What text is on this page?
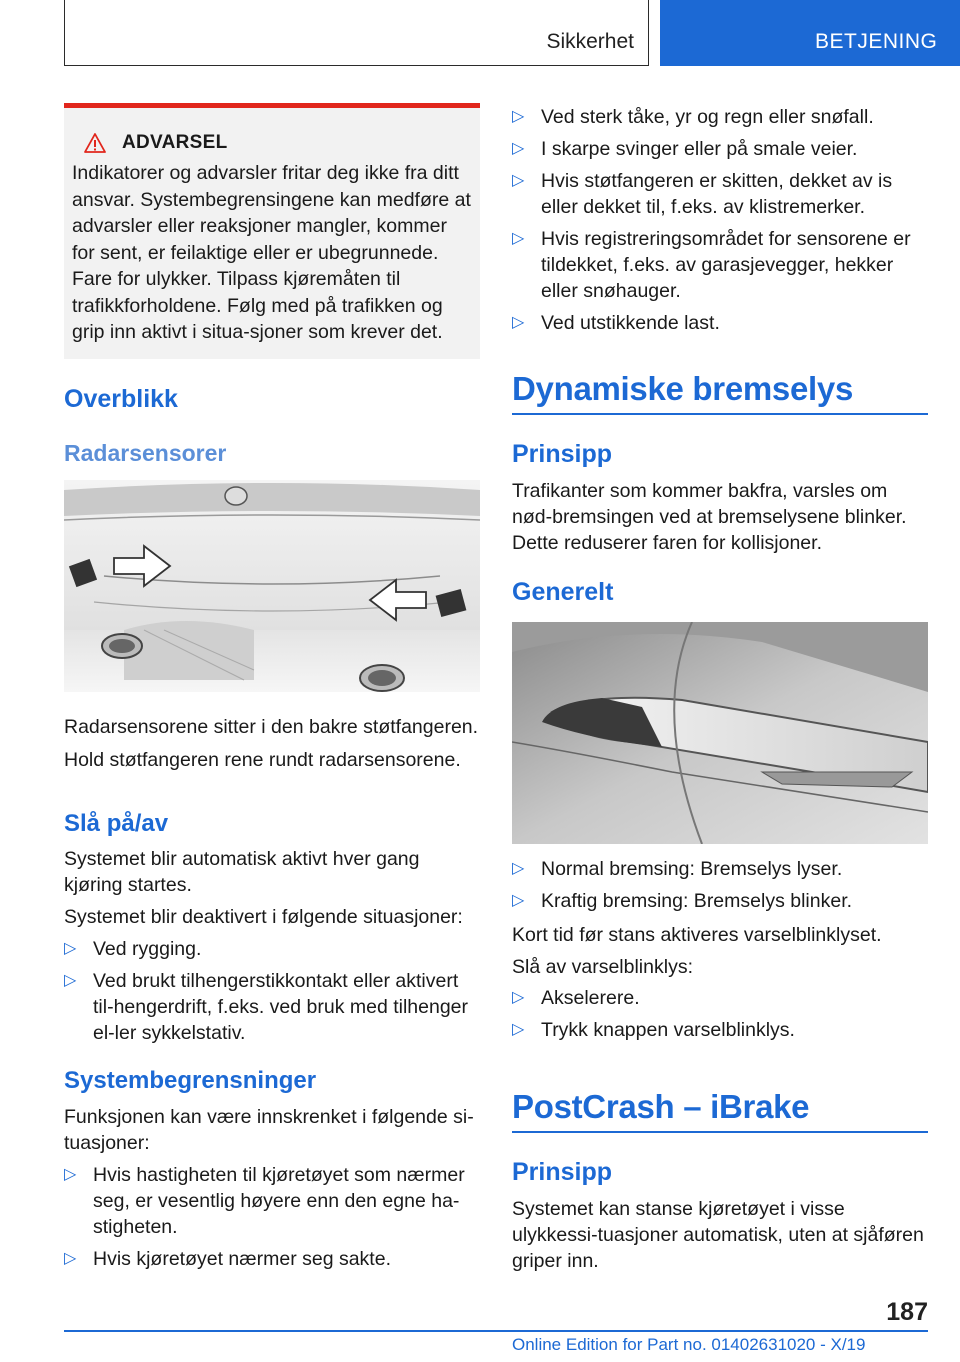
Sikkerhet	BETJENING
ADVARSEL

Indikatorer og advarsler fritar deg ikke fra ditt ansvar. Systembegrensingene kan medføre at advarsler eller reaksjoner mangler, kommer for sent, er feilaktige eller er ubegrunnede. Fare for ulykker. Tilpass kjøremåten til trafikkforholdene. Følg med på trafikken og grip inn aktivt i situa-sjoner som krever det.

Overblikk
Radarsensorer

Radarsensorene sitter i den bakre støtfangeren.

Hold støtfangeren rene rundt radarsensorene.

Slå på/av

Systemet blir automatisk aktivt hver gang kjøring startes.

Systemet blir deaktivert i følgende situasjoner:

▷ Ved rygging.
▷ Ved brukt tilhengerstikkontakt eller aktivert til-hengerdrift, f.eks. ved bruk med tilhenger el-ler sykkelstativ.
Systembegrensninger

Funksjonen kan være innskrenket i følgende si-tuasjoner:

▷ Hvis hastigheten til kjøretøyet som nærmer seg, er vesentlig høyere enn den egne ha-stigheten.
▷ Hvis kjøretøyet nærmer seg sakte.
▷ Ved sterk tåke, yr og regn eller snøfall.
▷ I skarpe svinger eller på smale veier.
▷ Hvis støtfangeren er skitten, dekket av is eller dekket til, f.eks. av klistremerker.
▷ Hvis registreringsområdet for sensorene er tildekket, f.eks. av garasjevegger, hekker eller snøhauger.
▷ Ved utstikkende last.
Dynamiske bremselys
Prinsipp

Trafikanter som kommer bakfra, varsles om nød-bremsingen ved at bremselysene blinker. Dette reduserer faren for kollisjoner.

Generelt
▷ Normal bremsing: Bremselys lyser.
▷ Kraftig bremsing: Bremselys blinker.

Kort tid før stans aktiveres varselblinklyset.

Slå av varselblinklys:

▷ Akselerere.
▷ Trykk knappen varselblinklys.
PostCrash – iBrake
Prinsipp

Systemet kan stanse kjøretøyet i visse ulykkessi-tuasjoner automatisk, uten at sjåføren griper inn.

187
Online Edition for Part no. 01402631020 - X/19
